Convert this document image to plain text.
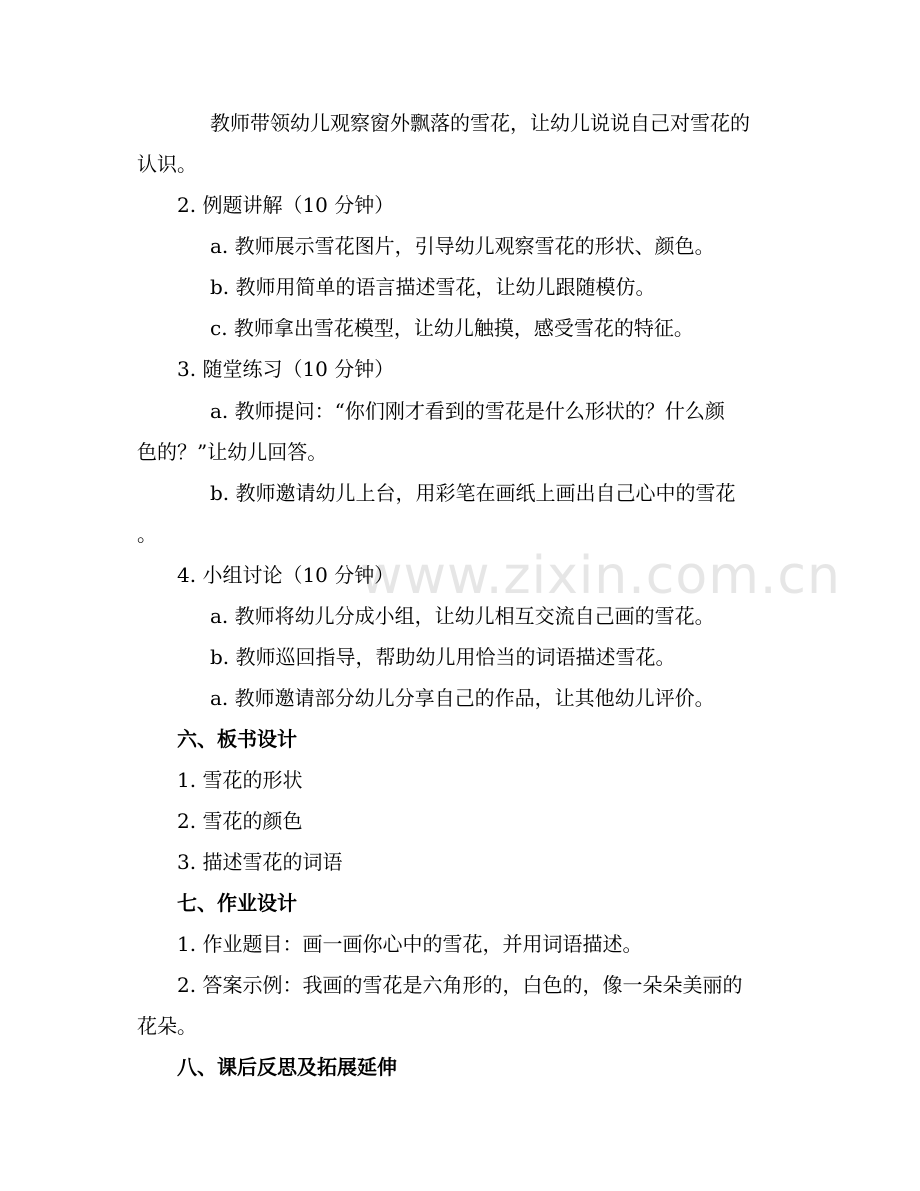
www.zixin.com.cn
教师带领幼儿观察窗外飘落的雪花，让幼儿说说自己对雪花的
认识。
2. 例题讲解（10 分钟）
a. 教师展示雪花图片，引导幼儿观察雪花的形状、颜色。
b. 教师用简单的语言描述雪花，让幼儿跟随模仿。
c. 教师拿出雪花模型，让幼儿触摸，感受雪花的特征。
3. 随堂练习（10 分钟）
a. 教师提问：“你们刚才看到的雪花是什么形状的？什么颜
色的？”让幼儿回答。
b. 教师邀请幼儿上台，用彩笔在画纸上画出自己心中的雪花
。
4. 小组讨论（10 分钟）
a. 教师将幼儿分成小组，让幼儿相互交流自己画的雪花。
b. 教师巡回指导，帮助幼儿用恰当的词语描述雪花。
a. 教师邀请部分幼儿分享自己的作品，让其他幼儿评价。
六、板书设计
1. 雪花的形状
2. 雪花的颜色
3. 描述雪花的词语
七、作业设计
1. 作业题目：画一画你心中的雪花，并用词语描述。
2. 答案示例：我画的雪花是六角形的，白色的，像一朵朵美丽的
花朵。
八、课后反思及拓展延伸
